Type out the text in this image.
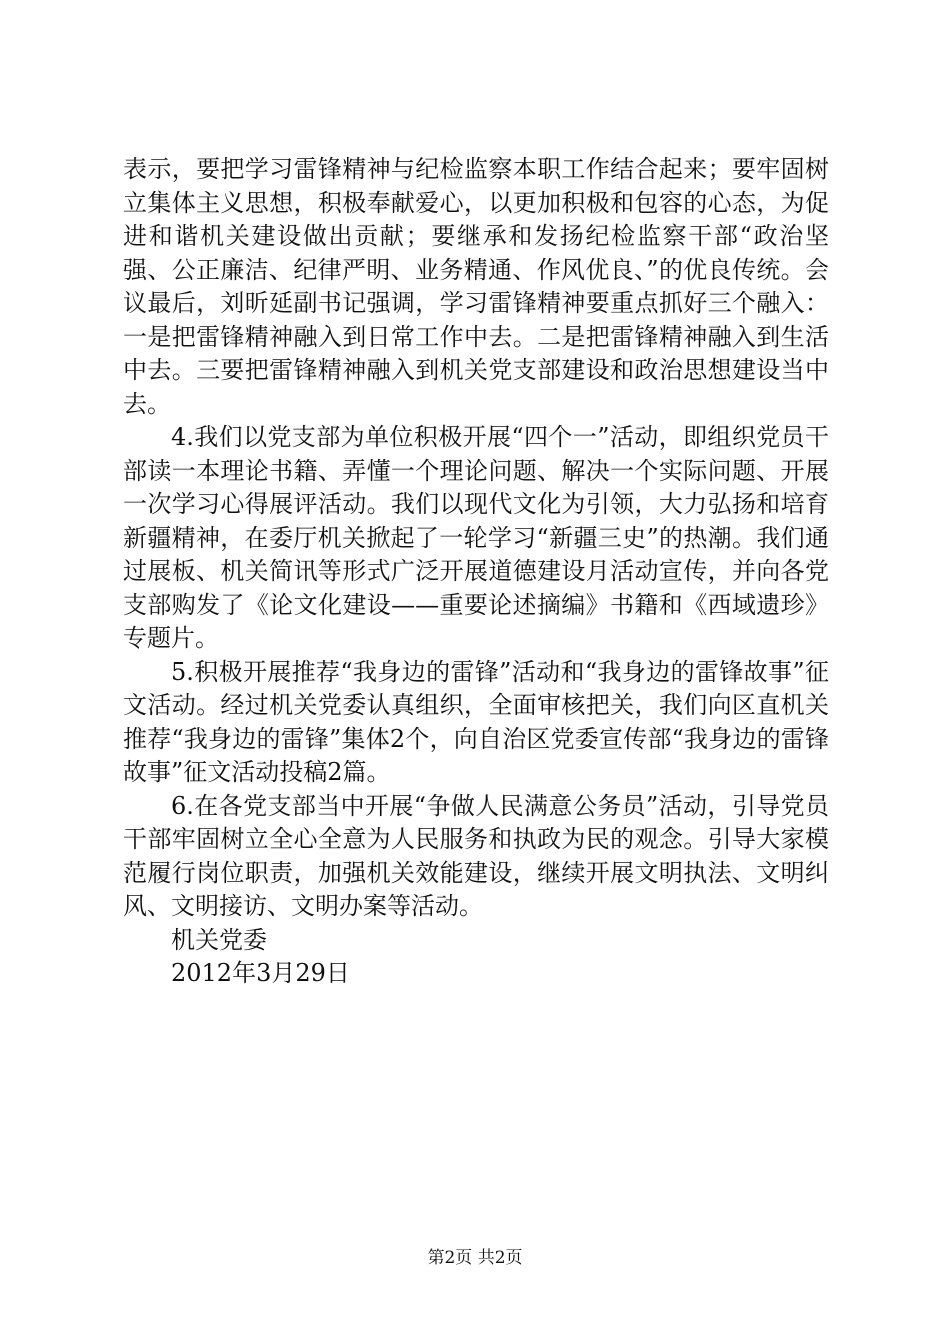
表示，要把学习雷锋精神与纪检监察本职工作结合起来；要牢固树立集体主义思想，积极奉献爱心，以更加积极和包容的心态，为促进和谐机关建设做出贡献；要继承和发扬纪检监察干部“政治坚强、公正廉洁、纪律严明、业务精通、作风优良、”的优良传统。会议最后，刘昕延副书记强调，学习雷锋精神要重点抓好三个融入：一是把雷锋精神融入到日常工作中去。二是把雷锋精神融入到生活中去。三要把雷锋精神融入到机关党支部建设和政治思想建设当中去。

4.我们以党支部为单位积极开展“四个一”活动，即组织党员干部读一本理论书籍、弄懂一个理论问题、解决一个实际问题、开展一次学习心得展评活动。我们以现代文化为引领，大力弘扬和培育新疆精神，在委厅机关掀起了一轮学习“新疆三史”的热潮。我们通过展板、机关简讯等形式广泛开展道德建设月活动宣传，并向各党支部购发了《论文化建设——重要论述摘编》书籍和《西域遗珍》专题片。

5.积极开展推荐“我身边的雷锋”活动和“我身边的雷锋故事”征文活动。经过机关党委认真组织，全面审核把关，我们向区直机关推荐“我身边的雷锋”集体2个，向自治区党委宣传部“我身边的雷锋故事”征文活动投稿2篇。

6.在各党支部当中开展“争做人民满意公务员”活动，引导党员干部牢固树立全心全意为人民服务和执政为民的观念。引导大家模范履行岗位职责，加强机关效能建设，继续开展文明执法、文明纠风、文明接访、文明办案等活动。

机关党委

2012年3月29日

第2页 共2页
